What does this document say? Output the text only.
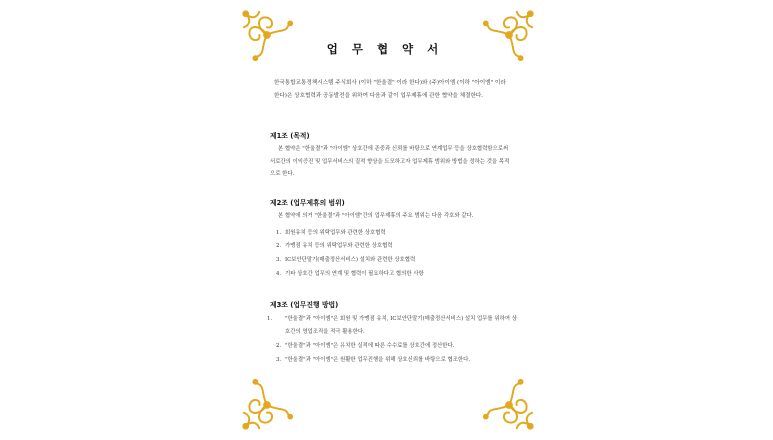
업 무 협 약 서
한국통합교통정책시스템 주식회사 (이하 "한울결" 이라 한다)와 (주)아이엠 (이하 "아이엠" 이라 한다)은 상호협력과 공동발전을 위하여 다음과 같이 업무제휴에 관한 협약을 체결한다.
제1조 (목적)
본 협약은 "한울결"과 "아이엠" 상호간에 존중과 신뢰를 바탕으로 연계업무 등을 상호협력함으로써 서로간의 이익증진 및 업무서비스의 질적 향상을 도모하고자 업무제휴 범위와 방법을 정하는 것을 목적으로 한다.
제2조 (업무제휴의 범위)
본 협약에 의거 "한울결"과 "아이엠"간의 업무제휴의 주요 범위는 다음 각호와 같다.
1. 회원유치 등의 위탁업무와 관련한 상호협력
2. 가맹점 유치 등의 위탁업무와 관련한 상호협력
3. IC보안단말기(매출정산서비스) 설치와 관련한 상호협력
4. 기타 상호간 업무의 연계 및 협력이 필요하다고 협의한 사항
제3조 (업무진행 방법)
1. "한울결"과 "아이엠"은 회원 및 가맹점 유치, IC보안단말기(매출정산서비스) 설치 업무를 위하여 상호간의 영업조직을 적극 활용한다.
2. "한울결"과 "아이엠"은 유치한 실적에 따른 수수료를 상호간에 정산한다.
3. "한울결"과 "아이엠"은 원활한 업무진행을 위해 상호신뢰를 바탕으로 협조한다.
